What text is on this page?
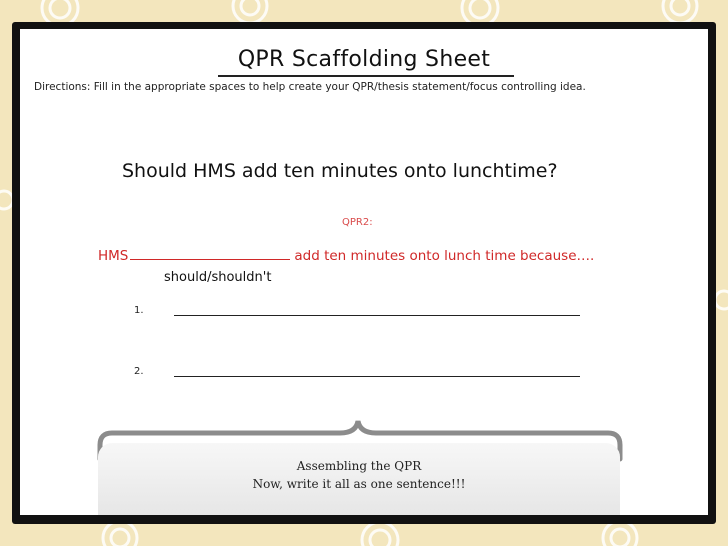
QPR Scaffolding Sheet
Directions: Fill in the appropriate spaces to help create your QPR/thesis statement/focus controlling idea.
Should HMS add ten minutes onto lunchtime?
QPR2:
HMS	add ten minutes onto lunch time because….
should/shouldn't
1.
2.
Assembling the QPR
Now, write it all as one sentence!!!
